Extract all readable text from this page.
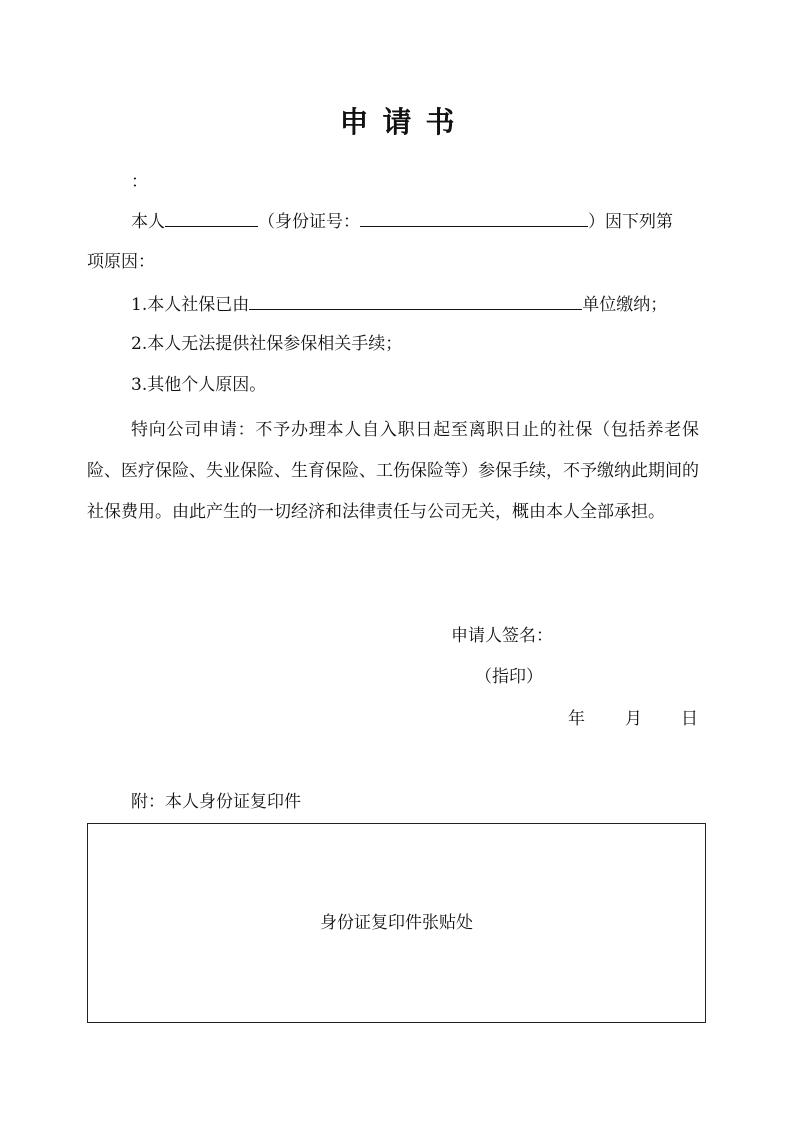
申请书
：
本人	（身份证号：	）因下列第
项原因：
1.本人社保已由	单位缴纳；
2.本人无法提供社保参保相关手续；
3.其他个人原因。
特向公司申请：不予办理本人自入职日起至离职日止的社保（包括养老保险、医疗保险、失业保险、生育保险、工伤保险等）参保手续，不予缴纳此期间的社保费用。由此产生的一切经济和法律责任与公司无关，概由本人全部承担。
申请人签名：
（指印）
年 月 日
附：本人身份证复印件
身份证复印件张贴处
